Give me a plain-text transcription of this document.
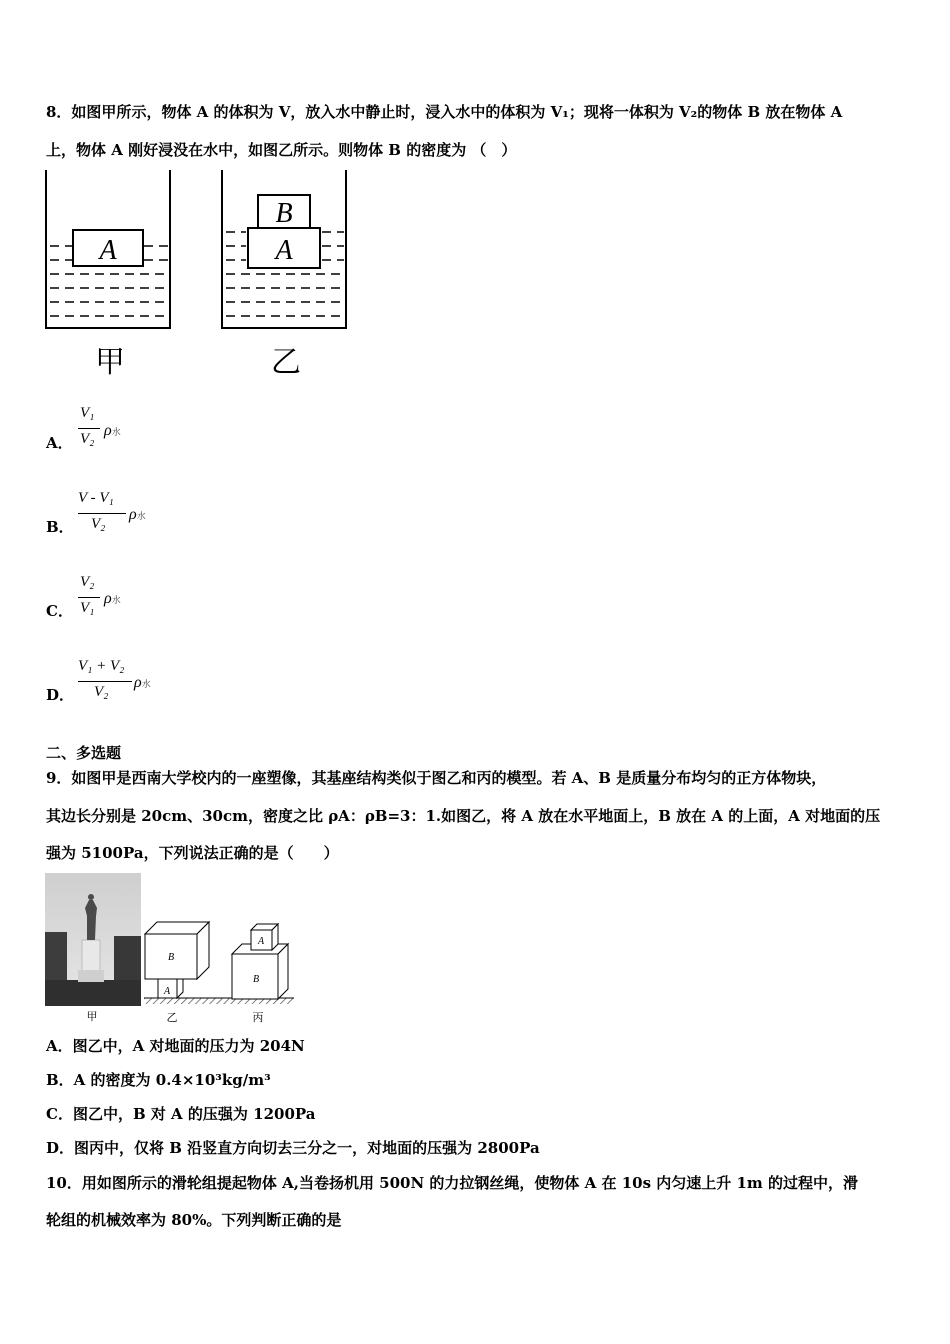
8．如图甲所示，物体 A 的体积为 V，放入水中静止时，浸入水中的体积为 V₁；现将一体积为 V₂的物体 B 放在物体 A
上，物体 A 刚好浸没在水中，如图乙所示。则物体 B 的密度为 （　）
A	A
B
甲	乙
A．
V₁
V₂ ρ水
B．
V - V₁
V₂
ρ水
C．
V₂
V₁
ρ水
D．
V₁ + V₂
V₂
ρ水
二、多选题
9．如图甲是西南大学校内的一座塑像，其基座结构类似于图乙和丙的模型。若 A、B 是质量分布均匀的正方体物块，
其边长分别是 20cm、30cm，密度之比 ρA：ρB=3：1.如图乙，将 A 放在水平地面上，B 放在 A 的上面，A 对地面的压
强为 5100Pa，下列说法正确的是（　　）
A
B
A
B
甲	乙	丙
A．图乙中，A 对地面的压力为 204N
B．A 的密度为 0.4×10³kg/m³
C．图乙中，B 对 A 的压强为 1200Pa
D．图丙中，仅将 B 沿竖直方向切去三分之一，对地面的压强为 2800Pa
10．用如图所示的滑轮组提起物体 A,当卷扬机用 500N 的力拉钢丝绳，使物体 A 在 10s 内匀速上升 1m 的过程中，滑
轮组的机械效率为 80%。下列判断正确的是
